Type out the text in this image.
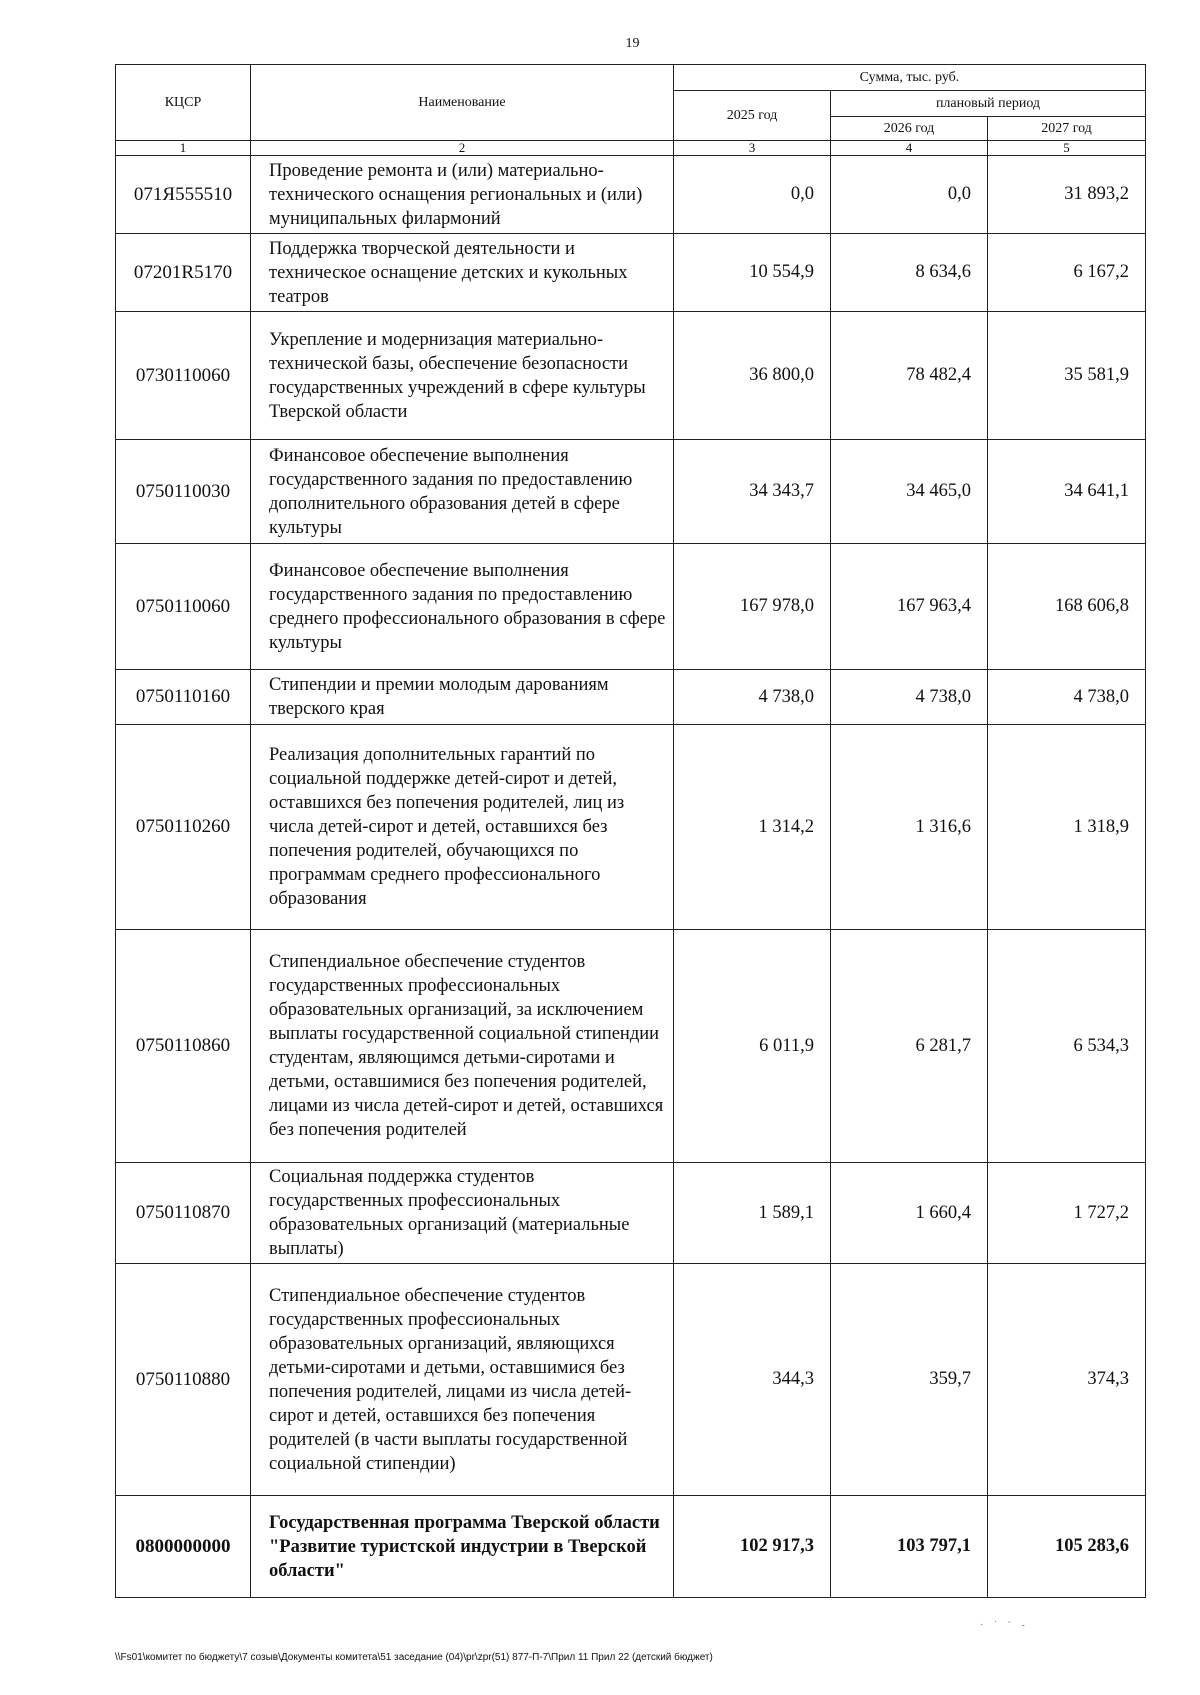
19
КЦСР	Наименование	Сумма, тыс. руб.		
		2025 год	плановый период	
			2026 год	2027 год
1	2	3	4	5
071Я555510	Проведение ремонта и (или) материально-технического оснащения региональных и (или) муниципальных филармоний	0,0	0,0	31 893,2
07201R5170	Поддержка творческой деятельности и техническое оснащение детских и кукольных театров	10 554,9	8 634,6	6 167,2
0730110060	Укрепление и модернизация материально-технической базы, обеспечение безопасности государственных учреждений в сфере культуры Тверской области	36 800,0	78 482,4	35 581,9
0750110030	Финансовое обеспечение выполнения государственного задания по предоставлению дополнительного образования детей в сфере культуры	34 343,7	34 465,0	34 641,1
0750110060	Финансовое обеспечение выполнения государственного задания по предоставлению среднего профессионального образования в сфере культуры	167 978,0	167 963,4	168 606,8
0750110160	Стипендии и премии молодым дарованиям тверского края	4 738,0	4 738,0	4 738,0
0750110260	Реализация дополнительных гарантий по социальной поддержке детей-сирот и детей, оставшихся без попечения родителей, лиц из числа детей-сирот и детей, оставшихся без попечения родителей, обучающихся по программам среднего профессионального образования	1 314,2	1 316,6	1 318,9
0750110860	Стипендиальное обеспечение студентов государственных профессиональных образовательных организаций, за исключением выплаты государственной социальной стипендии студентам, являющимся детьми-сиротами и детьми, оставшимися без попечения родителей, лицами из числа детей-сирот и детей, оставшихся без попечения родителей	6 011,9	6 281,7	6 534,3
0750110870	Социальная поддержка студентов государственных профессиональных образовательных организаций (материальные выплаты)	1 589,1	1 660,4	1 727,2
0750110880	Стипендиальное обеспечение студентов государственных профессиональных образовательных организаций, являющихся детьми-сиротами и детьми, оставшимися без попечения родителей, лицами из числа детей-сирот и детей, оставшихся без попечения родителей (в части выплаты государственной социальной стипендии)	344,3	359,7	374,3
0800000000	Государственная программа Тверской области "Развитие туристской индустрии в Тверской области"	102 917,3	103 797,1	105 283,6
· ˙ ¨ ‑
\\Fs01\комитет по бюджету\7 созыв\Документы комитета\51 заседание (04)\pr\zpr(51) 877-П-7\Прил 11 Прил 22 (детский бюджет)
